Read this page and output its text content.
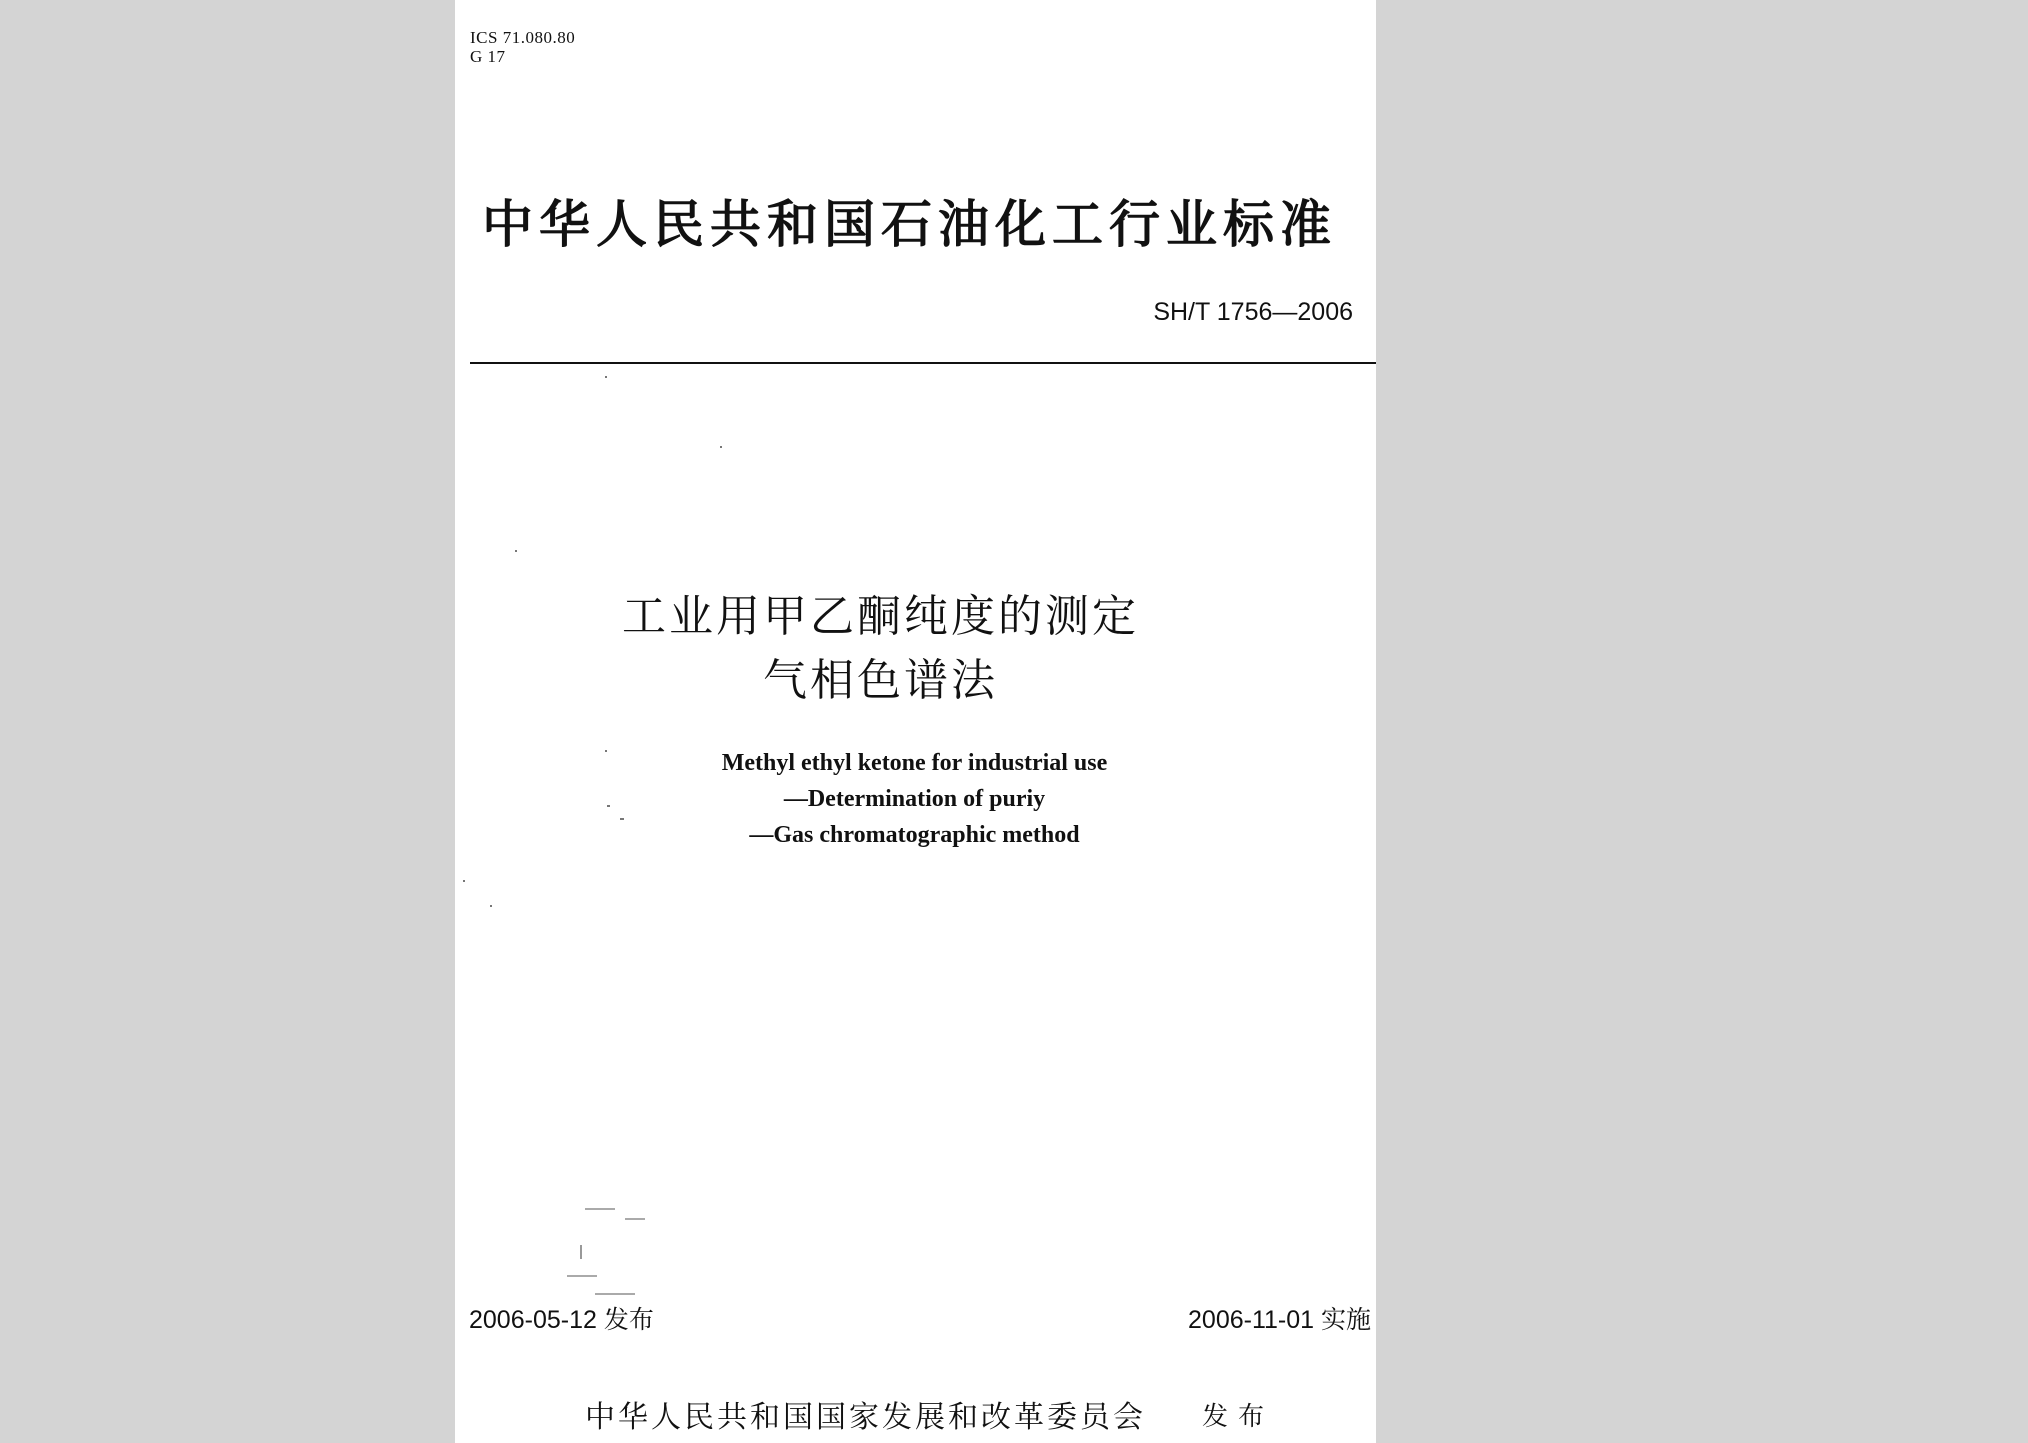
ICS 71.080.80
G 17
中华人民共和国石油化工行业标准
SH/T 1756—2006
工业用甲乙酮纯度的测定
气相色谱法
Methyl ethyl ketone for industrial use
—Determination of puriy
—Gas chromatographic method
2006-05-12 发布	2006-11-01 实施
中华人民共和国国家发展和改革委员会 发布
